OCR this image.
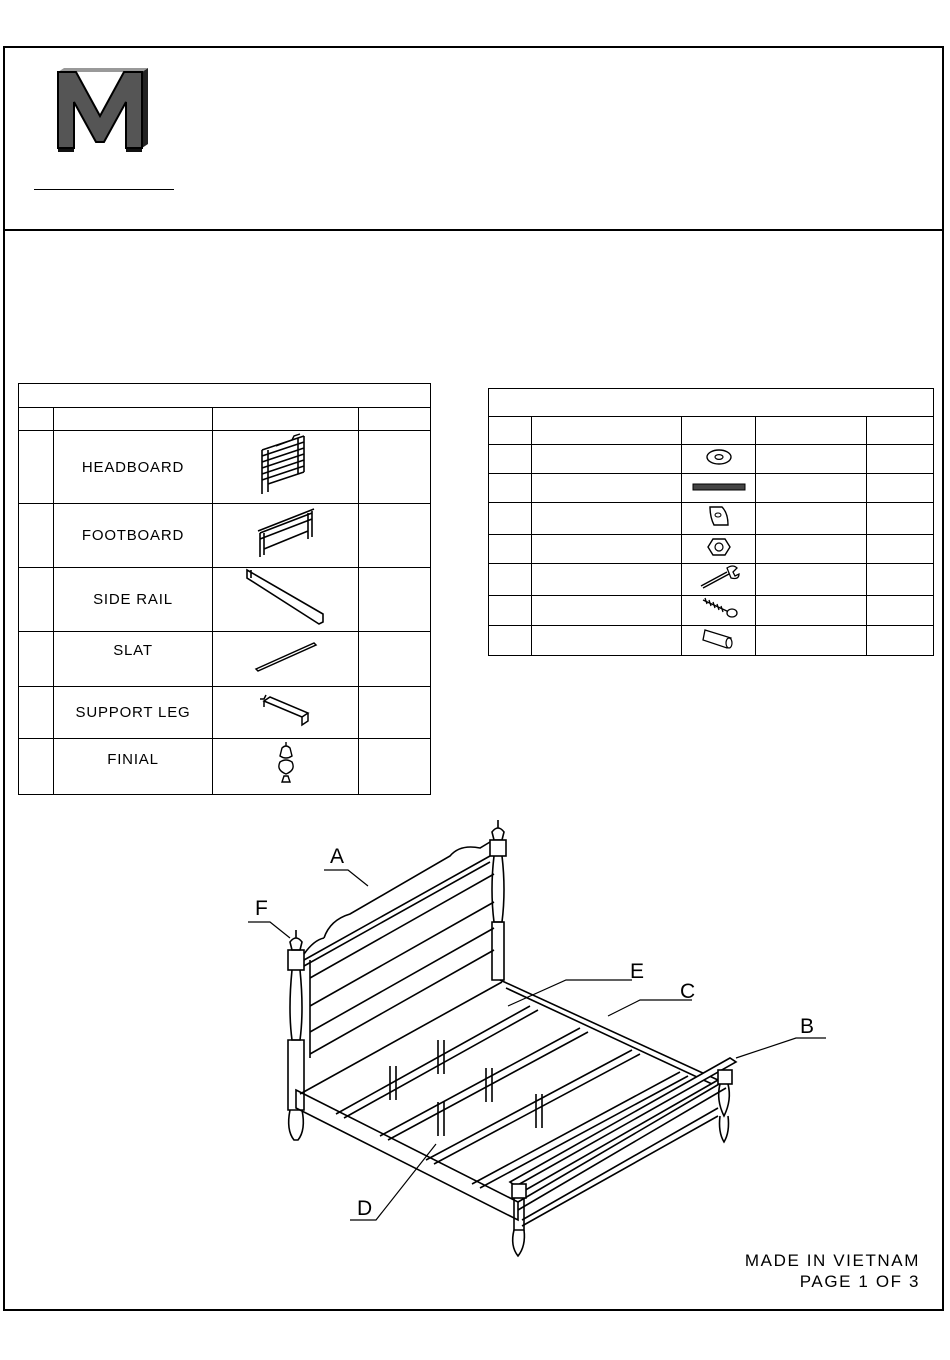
	HEADBOARD

	FOOTBOARD

	SIDE RAIL

	SLAT

	SUPPORT LEG

	FINIAL

A
F
E
C
B
D
MADE IN VIETNAM
PAGE 1 OF 3
